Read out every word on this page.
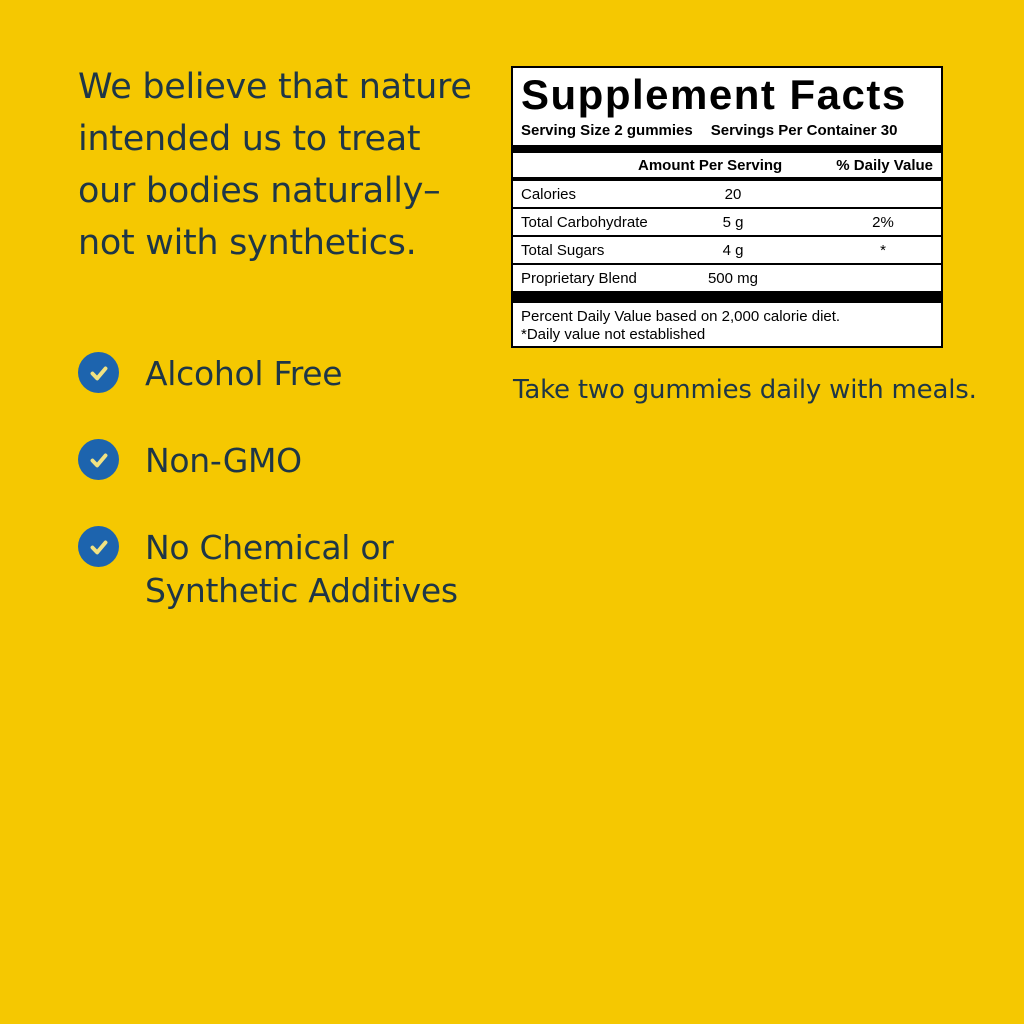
We believe that nature
intended us to treat
our bodies naturally–
not with synthetics.
Alcohol Free
Non-GMO
No Chemical or Synthetic Additives
Supplement Facts
Serving Size 2 gummies Servings Per Container 30
Amount Per Serving	% Daily Value
Calories	20
Total Carbohydrate	5 g	2%
Total Sugars	4 g	*
Proprietary Blend	500 mg
Percent Daily Value based on 2,000 calorie diet.
*Daily value not established
Take two gummies daily with meals.
